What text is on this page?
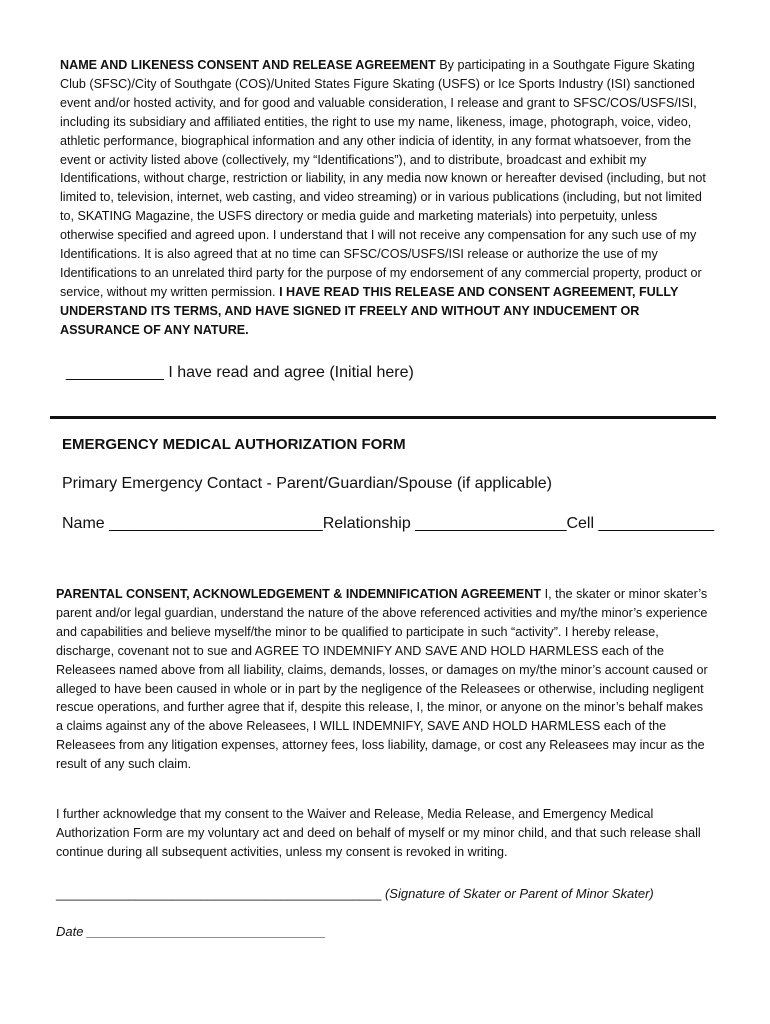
NAME AND LIKENESS CONSENT AND RELEASE AGREEMENT By participating in a Southgate Figure Skating Club (SFSC)/City of Southgate (COS)/United States Figure Skating (USFS) or Ice Sports Industry (ISI) sanctioned event and/or hosted activity, and for good and valuable consideration, I release and grant to SFSC/COS/USFS/ISI, including its subsidiary and affiliated entities, the right to use my name, likeness, image, photograph, voice, video, athletic performance, biographical information and any other indicia of identity, in any format whatsoever, from the event or activity listed above (collectively, my “Identifications”), and to distribute, broadcast and exhibit my Identifications, without charge, restriction or liability, in any media now known or hereafter devised (including, but not limited to, television, internet, web casting, and video streaming) or in various publications (including, but not limited to, SKATING Magazine, the USFS directory or media guide and marketing materials) into perpetuity, unless otherwise specified and agreed upon. I understand that I will not receive any compensation for any such use of my Identifications. It is also agreed that at no time can SFSC/COS/USFS/ISI release or authorize the use of my Identifications to an unrelated third party for the purpose of my endorsement of any commercial property, product or service, without my written permission. I HAVE READ THIS RELEASE AND CONSENT AGREEMENT, FULLY UNDERSTAND ITS TERMS, AND HAVE SIGNED IT FREELY AND WITHOUT ANY INDUCEMENT OR ASSURANCE OF ANY NATURE.

___________ I have read and agree (Initial here)
EMERGENCY MEDICAL AUTHORIZATION FORM
Primary Emergency Contact - Parent/Guardian/Spouse (if applicable)
Name ________________________Relationship _________________Cell _____________

PARENTAL CONSENT, ACKNOWLEDGEMENT & INDEMNIFICATION AGREEMENT I, the skater or minor skater’s parent and/or legal guardian, understand the nature of the above referenced activities and my/the minor’s experience and capabilities and believe myself/the minor to be qualified to participate in such “activity”. I hereby release, discharge, covenant not to sue and AGREE TO INDEMNIFY AND SAVE AND HOLD HARMLESS each of the Releasees named above from all liability, claims, demands, losses, or damages on my/the minor’s account caused or alleged to have been caused in whole or in part by the negligence of the Releasees or otherwise, including negligent rescue operations, and further agree that if, despite this release, I, the minor, or anyone on the minor’s behalf makes a claims against any of the above Releasees, I WILL INDEMNIFY, SAVE AND HOLD HARMLESS each of the Releasees from any litigation expenses, attorney fees, loss liability, damage, or cost any Releasees may incur as the result of any such claim.

I further acknowledge that my consent to the Waiver and Release, Media Release, and Emergency Medical Authorization Form are my voluntary act and deed on behalf of myself or my minor child, and that such release shall continue during all subsequent activities, unless my consent is revoked in writing.

_____________________________________________ (Signature of Skater or Parent of Minor Skater)
Date _________________________________
